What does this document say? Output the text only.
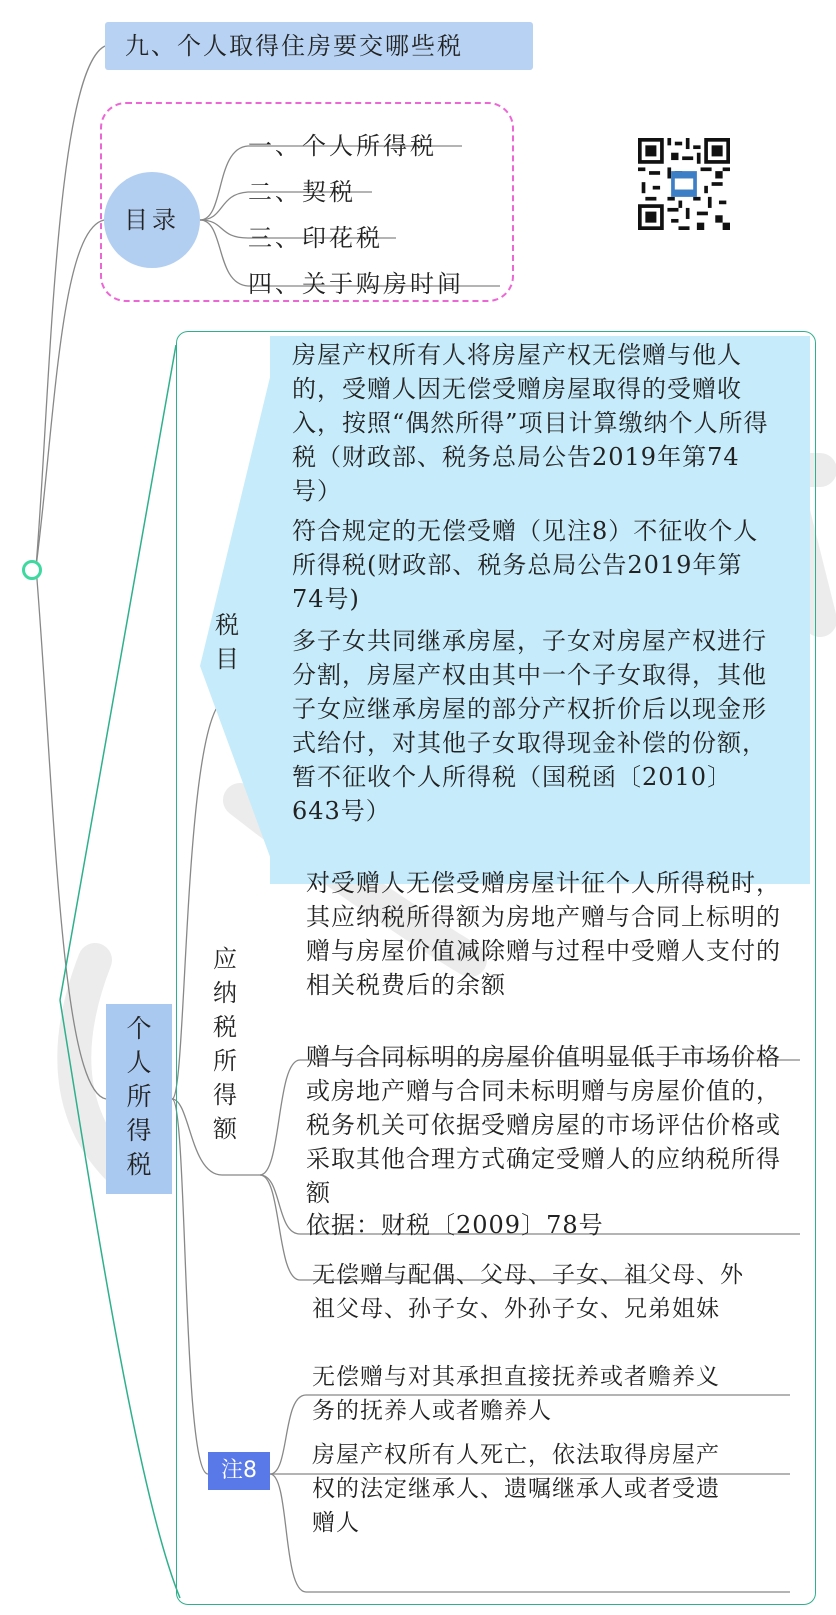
九、个人取得住房要交哪些税
目录
一、个人所得税
二、契税
三、印花税
四、关于购房时间
个人所得税
税目
房屋产权所有人将房屋产权无偿赠与他人的，受赠人因无偿受赠房屋取得的受赠收入，按照“偶然所得”项目计算缴纳个人所得税（财政部、税务总局公告2019年第74号）
符合规定的无偿受赠（见注8）不征收个人所得税(财政部、税务总局公告2019年第74号)
多子女共同继承房屋，子女对房屋产权进行分割，房屋产权由其中一个子女取得，其他子女应继承房屋的部分产权折价后以现金形式给付，对其他子女取得现金补偿的份额，暂不征收个人所得税（国税函〔2010〕643号）
应纳税所得额
对受赠人无偿受赠房屋计征个人所得税时，其应纳税所得额为房地产赠与合同上标明的赠与房屋价值减除赠与过程中受赠人支付的相关税费后的余额
赠与合同标明的房屋价值明显低于市场价格或房地产赠与合同未标明赠与房屋价值的，税务机关可依据受赠房屋的市场评估价格或采取其他合理方式确定受赠人的应纳税所得额
依据：财税〔2009〕78号
注8
无偿赠与配偶、父母、子女、祖父母、外祖父母、孙子女、外孙子女、兄弟姐妹
无偿赠与对其承担直接抚养或者赡养义务的抚养人或者赡养人
房屋产权所有人死亡，依法取得房屋产权的法定继承人、遗嘱继承人或者受遗赠人
